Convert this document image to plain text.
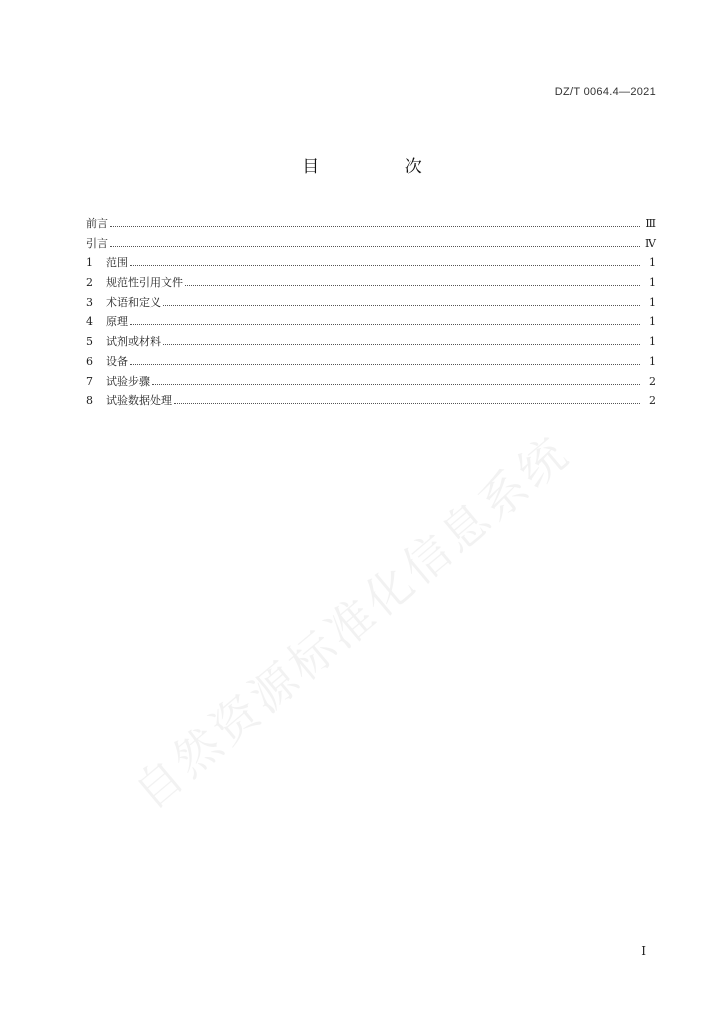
DZ/T 0064.4—2021
目 次
前言	Ⅲ
引言	Ⅳ
1	范围	1
2	规范性引用文件	1
3	术语和定义	1
4	原理	1
5	试剂或材料	1
6	设备	1
7	试验步骤	2
8	试验数据处理	2
自然资源标准化信息系统
Ⅰ
